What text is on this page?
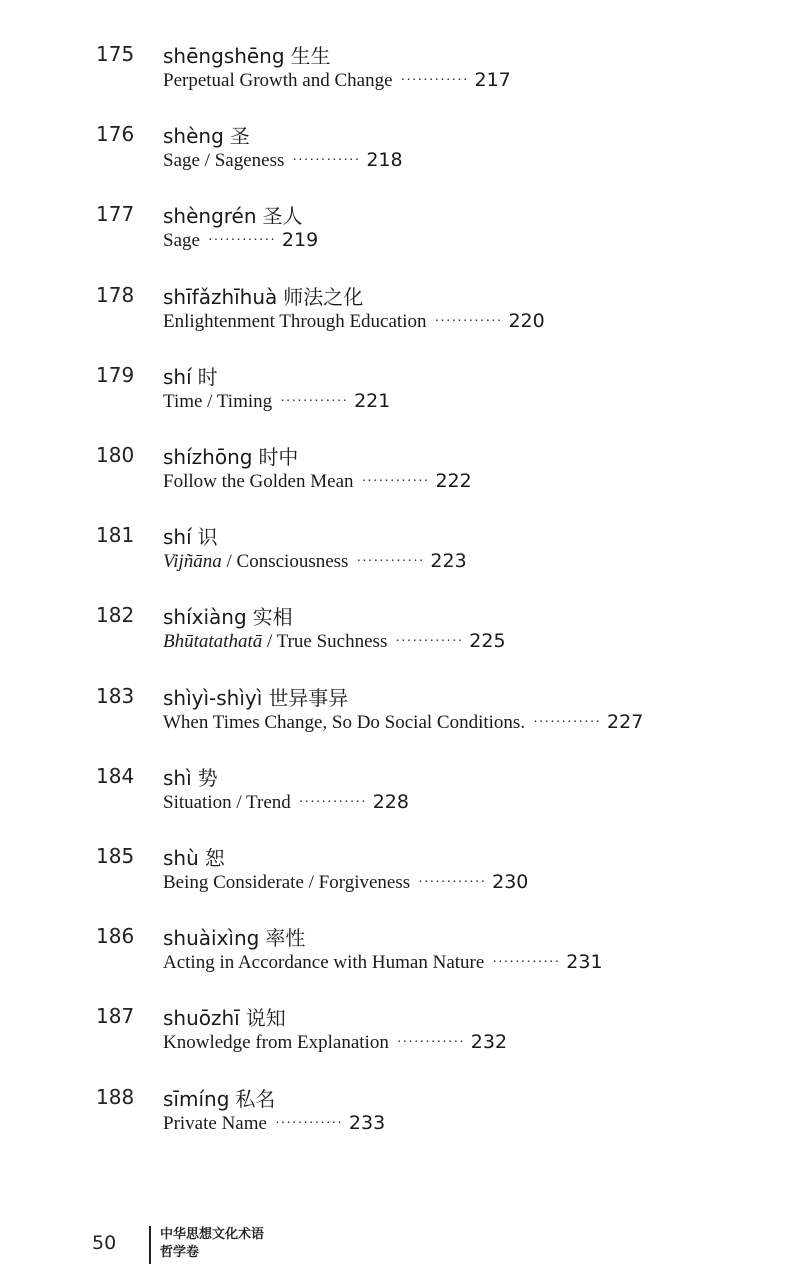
175 shēngshēng 生生
Perpetual Growth and Change ············ 217
176 shèng 圣
Sage / Sageness ············ 218
177 shèngrén 圣人
Sage ············ 219
178 shīfǎzhīhuà 师法之化
Enlightenment Through Education ············ 220
179 shí 时
Time / Timing ············ 221
180 shízhōng 时中
Follow the Golden Mean ············ 222
181 shí 识
Vijñāna / Consciousness ············ 223
182 shíxiàng 实相
Bhūtatathatā / True Suchness ············ 225
183 shìyì-shìyì 世异事异
When Times Change, So Do Social Conditions. ············ 227
184 shì 势
Situation / Trend ············ 228
185 shù 恕
Being Considerate / Forgiveness ············ 230
186 shuàixìng 率性
Acting in Accordance with Human Nature ············ 231
187 shuōzhī 说知
Knowledge from Explanation ············ 232
188 sīmíng 私名
Private Name ············ 233
50	中华思想文化术语
哲学卷
